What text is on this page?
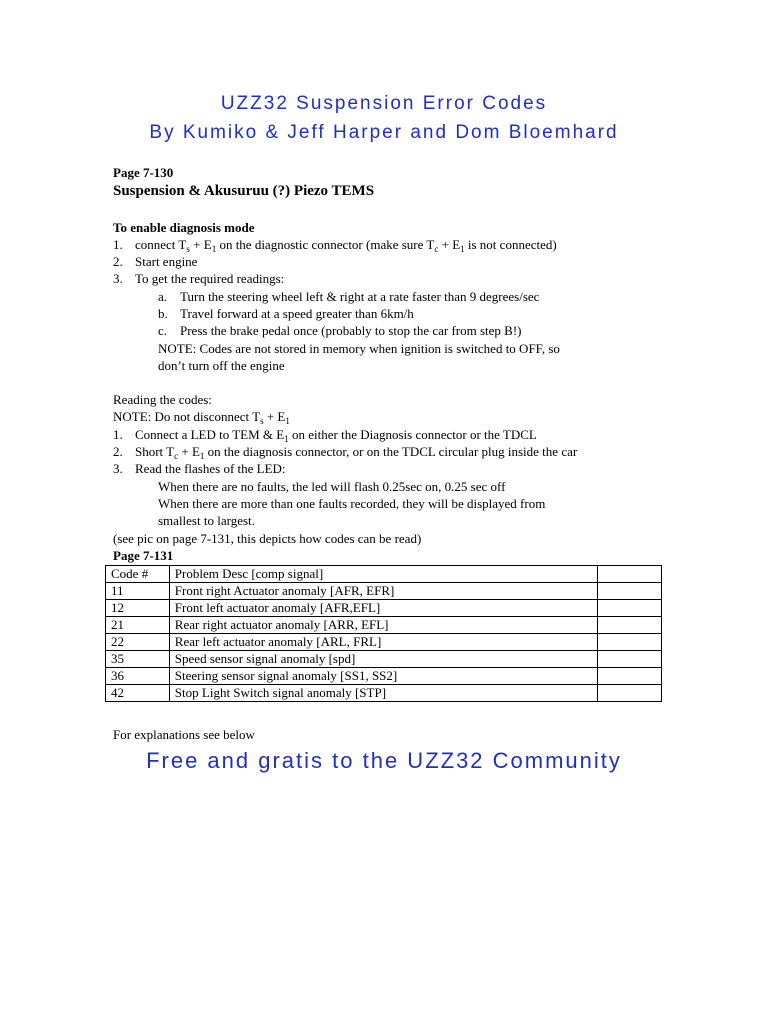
UZZ32 Suspension Error Codes
By Kumiko & Jeff Harper and Dom Bloemhard
Page 7-130
Suspension & Akusuruu (?) Piezo TEMS
To enable diagnosis mode
1. connect $T_s + E_1$ on the diagnostic connector (make sure $T_c + E_1$ is not connected)
2. Start engine
3. To get the required readings:
a. Turn the steering wheel left & right at a rate faster than 9 degrees/sec
b. Travel forward at a speed greater than 6km/h
c. Press the brake pedal once (probably to stop the car from step B!)
NOTE: Codes are not stored in memory when ignition is switched to OFF, so
don’t turn off the engine
Reading the codes:
NOTE: Do not disconnect $T_s + E_1$
1. Connect a LED to TEM & $E_1$ on either the Diagnosis connector or the TDCL
2. Short $T_c + E_1$ on the diagnosis connector, or on the TDCL circular plug inside the car
3. Read the flashes of the LED:
When there are no faults, the led will flash 0.25sec on, 0.25 sec off
When there are more than one faults recorded, they will be displayed from
smallest to largest.
(see pic on page 7-131, this depicts how codes can be read)
Page 7-131
Code #	Problem Desc [comp signal]	
11	Front right Actuator anomaly [AFR, EFR]	
12	Front left actuator anomaly [AFR,EFL]	
21	Rear right actuator anomaly [ARR, EFL]	
22	Rear left actuator anomaly [ARL, FRL]	
35	Speed sensor signal anomaly [spd]	
36	Steering sensor signal anomaly [SS1, SS2]	
42	Stop Light Switch signal anomaly [STP]	
For explanations see below
Free and gratis to the UZZ32 Community
